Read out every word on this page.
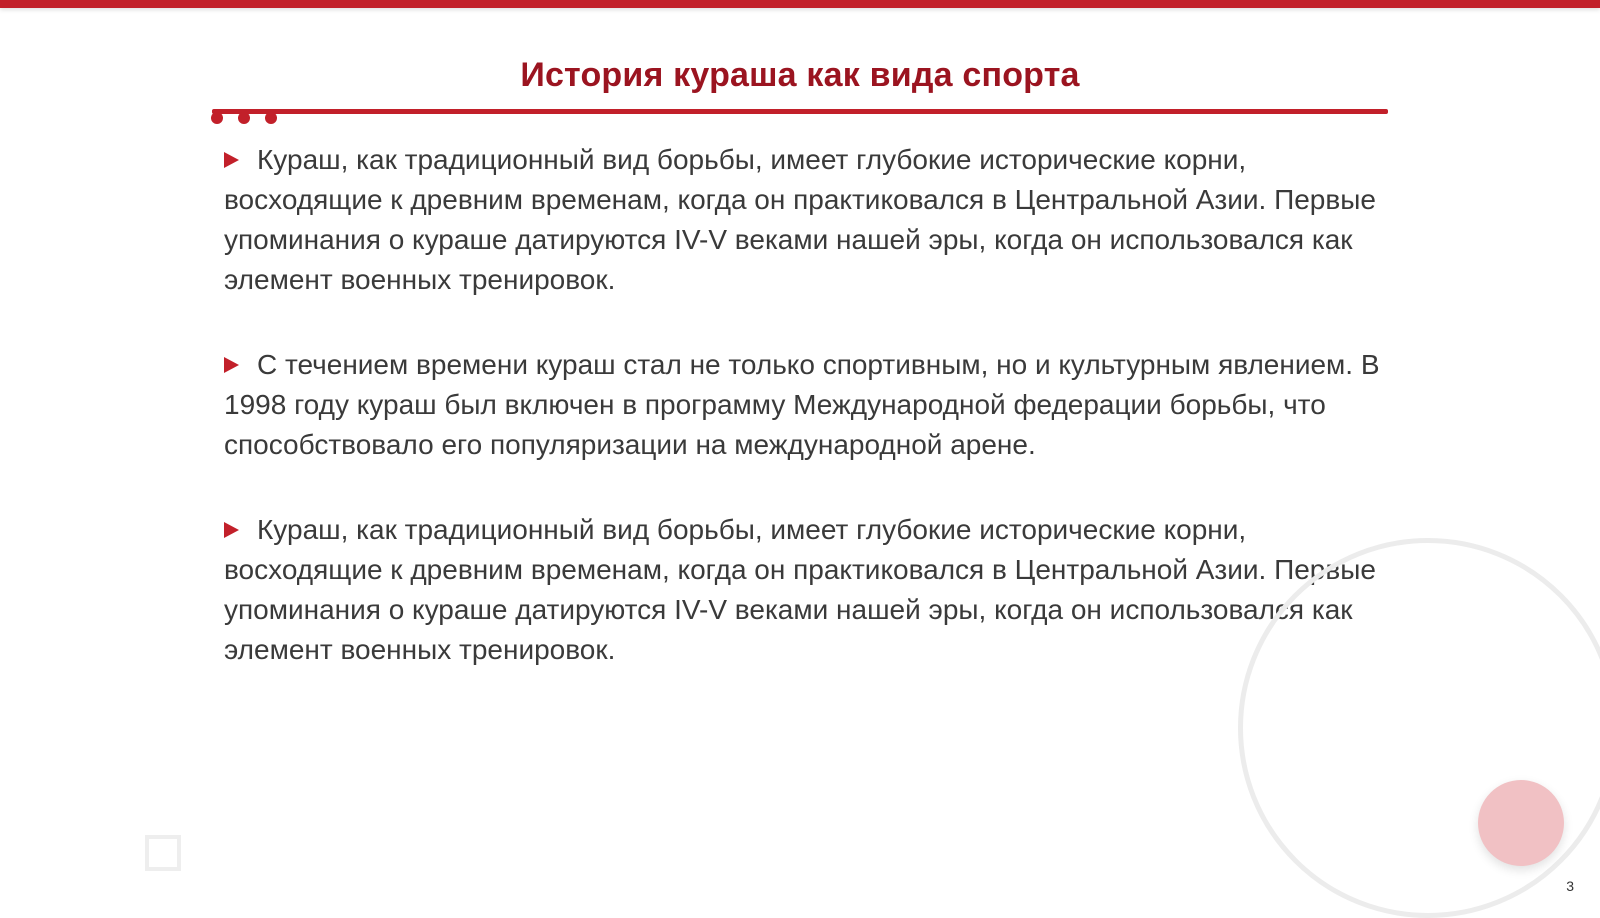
История кураша как вида спорта

Кураш, как традиционный вид борьбы, имеет глубокие исторические корни, восходящие к древним временам, когда он практиковался в Центральной Азии. Первые упоминания о кураше датируются IV-V веками нашей эры, когда он использовался как элемент военных тренировок.

С течением времени кураш стал не только спортивным, но и культурным явлением. В 1998 году кураш был включен в программу Международной федерации борьбы, что способствовало его популяризации на международной арене.

Кураш, как традиционный вид борьбы, имеет глубокие исторические корни, восходящие к древним временам, когда он практиковался в Центральной Азии. Первые упоминания о кураше датируются IV-V веками нашей эры, когда он использовался как элемент военных тренировок.

3
